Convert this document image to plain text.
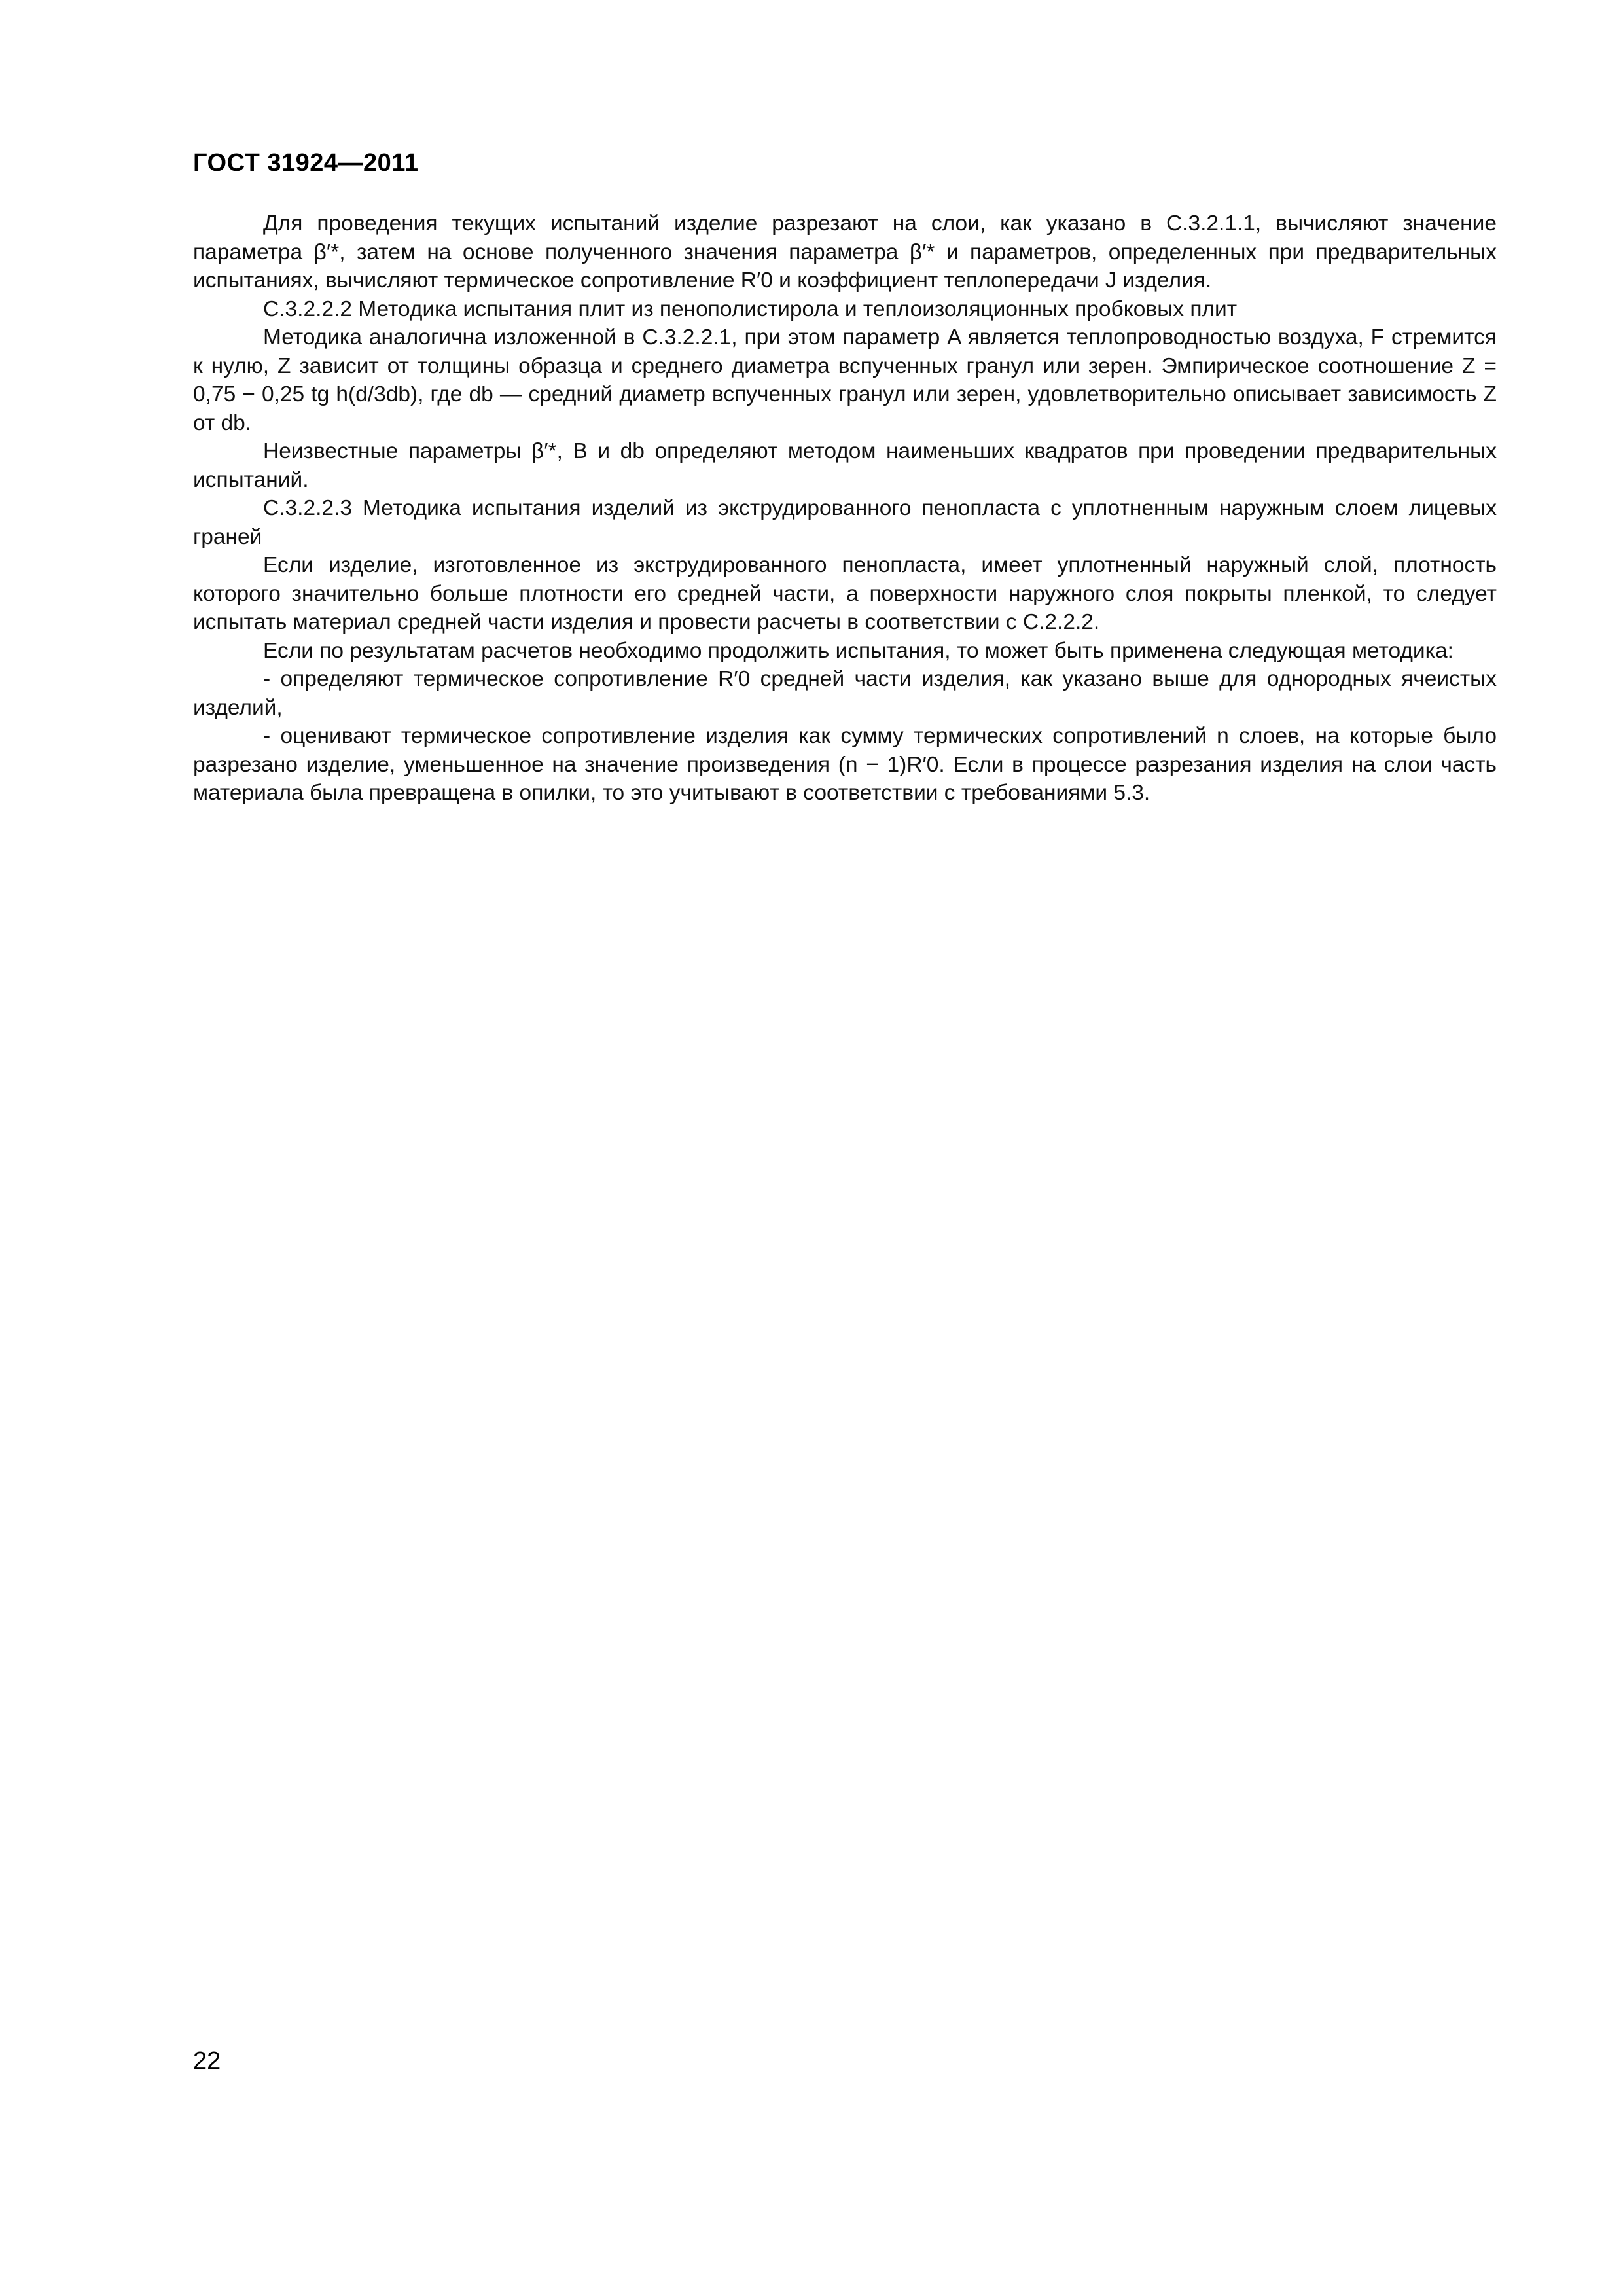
ГОСТ 31924—2011

Для проведения текущих испытаний изделие разрезают на слои, как указано в С.3.2.1.1, вычисляют значение параметра β′*, затем на основе полученного значения параметра β′* и параметров, определенных при предварительных испытаниях, вычисляют термическое сопротивление R′0 и коэффициент теплопередачи J изделия.

С.3.2.2.2 Методика испытания плит из пенополистирола и теплоизоляционных пробковых плит

Методика аналогична изложенной в С.3.2.2.1, при этом параметр A является теплопроводностью воздуха, F стремится к нулю, Z зависит от толщины образца и среднего диаметра вспученных гранул или зерен. Эмпирическое соотношение Z = 0,75 − 0,25 tg h(d/3db), где db — средний диаметр вспученных гранул или зерен, удовлетворительно описывает зависимость Z от db.

Неизвестные параметры β′*, B и db определяют методом наименьших квадратов при проведении предварительных испытаний.

С.3.2.2.3 Методика испытания изделий из экструдированного пенопласта с уплотненным наружным слоем лицевых граней

Если изделие, изготовленное из экструдированного пенопласта, имеет уплотненный наружный слой, плотность которого значительно больше плотности его средней части, а поверхности наружного слоя покрыты пленкой, то следует испытать материал средней части изделия и провести расчеты в соответствии с С.2.2.2.

Если по результатам расчетов необходимо продолжить испытания, то может быть применена следующая методика:

- определяют термическое сопротивление R′0 средней части изделия, как указано выше для однородных ячеистых изделий,

- оценивают термическое сопротивление изделия как сумму термических сопротивлений n слоев, на которые было разрезано изделие, уменьшенное на значение произведения (n − 1)R′0. Если в процессе разрезания изделия на слои часть материала была превращена в опилки, то это учитывают в соответствии с требованиями 5.3.

22
